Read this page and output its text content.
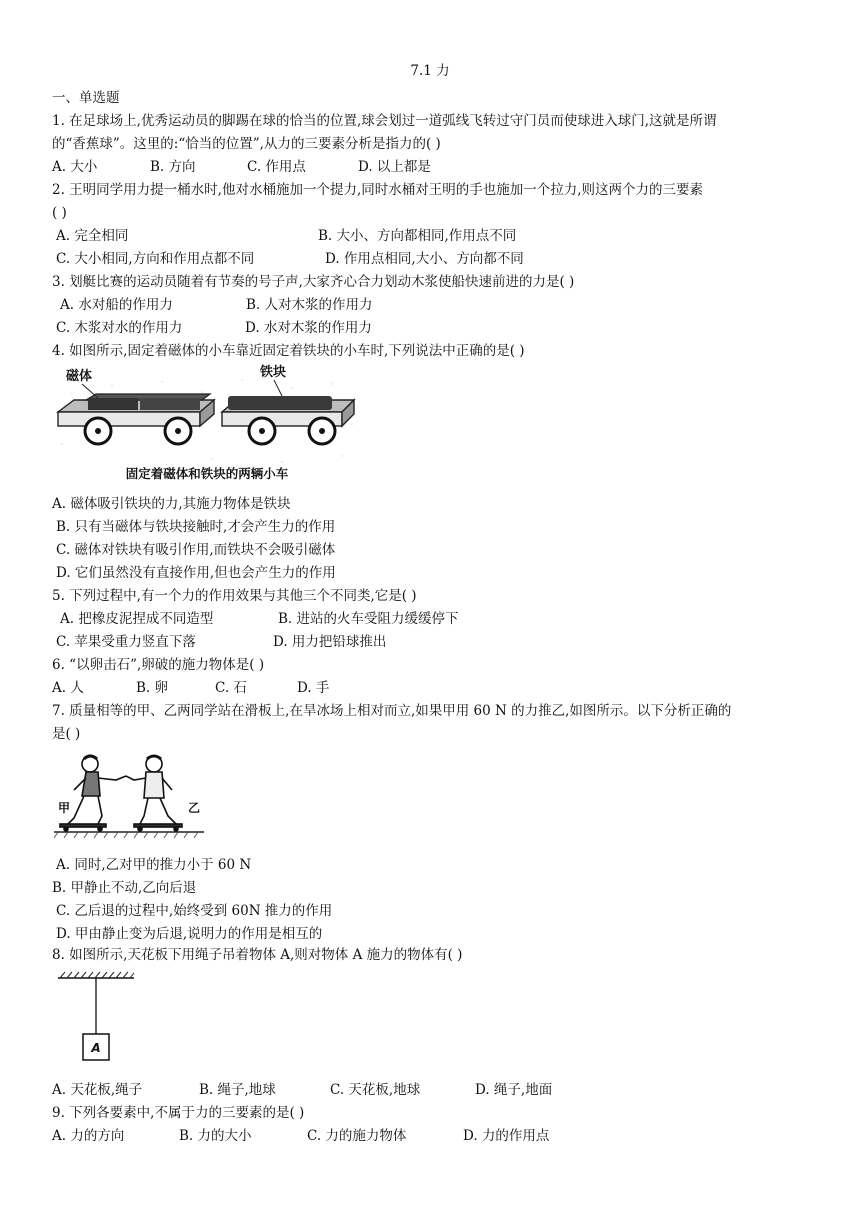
7.1 力
一、单选题
1. 在足球场上,优秀运动员的脚踢在球的恰当的位置,球会划过一道弧线飞转过守门员而使球进入球门,这就是所谓
的“香蕉球”。这里的:“恰当的位置”,从力的三要素分析是指力的( )
A. 大小	B. 方向	C. 作用点	D. 以上都是
2. 王明同学用力提一桶水时,他对水桶施加一个提力,同时水桶对王明的手也施加一个拉力,则这两个力的三要素
( )
A. 完全相同	B. 大小、方向都相同,作用点不同
C. 大小相同,方向和作用点都不同	D. 作用点相同,大小、方向都不同
3. 划艇比赛的运动员随着有节奏的号子声,大家齐心合力划动木浆使船快速前进的力是( )
A. 水对船的作用力	B. 人对木浆的作用力
C. 木浆对水的作用力	D. 水对木浆的作用力
4. 如图所示,固定着磁体的小车靠近固定着铁块的小车时,下列说法中正确的是( )
磁体	铁块
固定着磁体和铁块的两辆小车
A. 磁体吸引铁块的力,其施力物体是铁块
B. 只有当磁体与铁块接触时,才会产生力的作用
C. 磁体对铁块有吸引作用,而铁块不会吸引磁体
D. 它们虽然没有直接作用,但也会产生力的作用
5. 下列过程中,有一个力的作用效果与其他三个不同类,它是( )
A. 把橡皮泥捏成不同造型	B. 进站的火车受阻力缓缓停下
C. 苹果受重力竖直下落	D. 用力把铅球推出
6. “以卵击石”,卵破的施力物体是( )
A. 人	B. 卵	C. 石	D. 手
7. 质量相等的甲、乙两同学站在滑板上,在旱冰场上相对而立,如果甲用 60 N 的力推乙,如图所示。以下分析正确的
是( )
甲	乙
A. 同时,乙对甲的推力小于 60 N
B. 甲静止不动,乙向后退
C. 乙后退的过程中,始终受到 60N 推力的作用
D. 甲由静止变为后退,说明力的作用是相互的
8. 如图所示,天花板下用绳子吊着物体 A,则对物体 A 施力的物体有( )
A
A. 天花板,绳子	B. 绳子,地球	C. 天花板,地球	D. 绳子,地面
9. 下列各要素中,不属于力的三要素的是( )
A. 力的方向	B. 力的大小	C. 力的施力物体	D. 力的作用点
